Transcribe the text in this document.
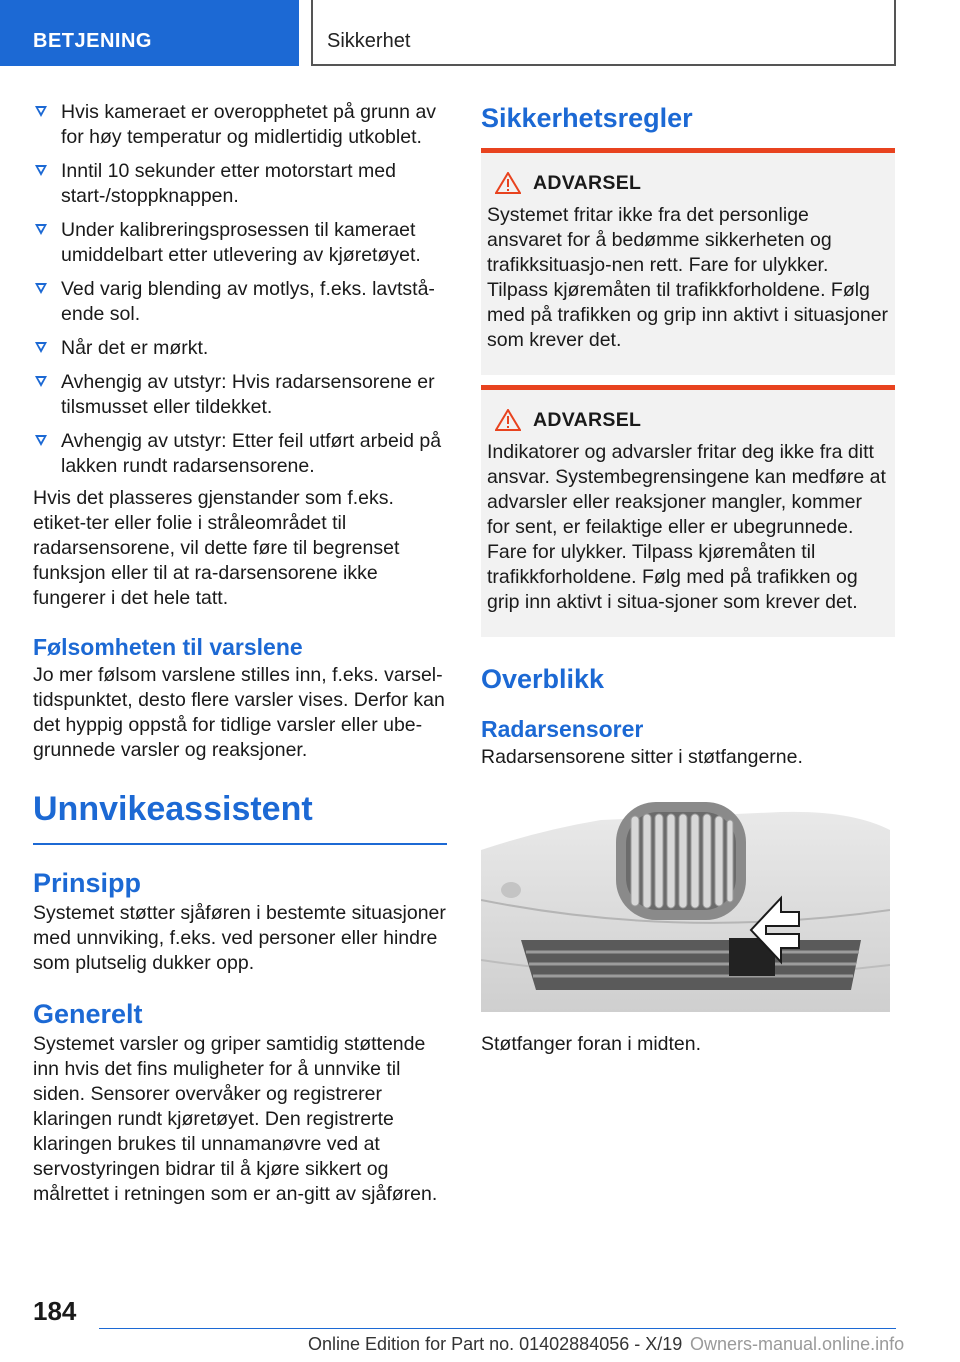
BETJENING	Sikkerhet
Hvis kameraet er overopphetet på grunn av for høy temperatur og midlertidig utkoblet.
Inntil 10 sekunder etter motorstart med start-/stoppknappen.
Under kalibreringsprosessen til kameraet umiddelbart etter utlevering av kjøretøyet.
Ved varig blending av motlys, f.eks. lavtstå-ende sol.
Når det er mørkt.
Avhengig av utstyr: Hvis radarsensorene er tilsmusset eller tildekket.
Avhengig av utstyr: Etter feil utført arbeid på lakken rundt radarsensorene.

Hvis det plasseres gjenstander som f.eks. etiket-ter eller folie i stråleområdet til radarsensorene, vil dette føre til begrenset funksjon eller til at ra-darsensorene ikke fungerer i det hele tatt.

Følsomheten til varslene

Jo mer følsom varslene stilles inn, f.eks. varsel-tidspunktet, desto flere varsler vises. Derfor kan det hyppig oppstå for tidlige varsler eller ube-grunnede varsler og reaksjoner.

Unnvikeassistent
Prinsipp

Systemet støtter sjåføren i bestemte situasjoner med unnviking, f.eks. ved personer eller hindre som plutselig dukker opp.

Generelt

Systemet varsler og griper samtidig støttende inn hvis det fins muligheter for å unnvike til siden. Sensorer overvåker og registrerer klaringen rundt kjøretøyet. Den registrerte klaringen brukes til unnamanøvre ved at servostyringen bidrar til å kjøre sikkert og målrettet i retningen som er an-gitt av sjåføren.

Sikkerhetsregler
ADVARSEL

Systemet fritar ikke fra det personlige ansvaret for å bedømme sikkerheten og trafikksituasjo-nen rett. Fare for ulykker. Tilpass kjøremåten til trafikkforholdene. Følg med på trafikken og grip inn aktivt i situasjoner som krever det.

ADVARSEL

Indikatorer og advarsler fritar deg ikke fra ditt ansvar. Systembegrensingene kan medføre at advarsler eller reaksjoner mangler, kommer for sent, er feilaktige eller er ubegrunnede. Fare for ulykker. Tilpass kjøremåten til trafikkforholdene. Følg med på trafikken og grip inn aktivt i situa-sjoner som krever det.

Overblikk
Radarsensorer

Radarsensorene sitter i støtfangerne.

Støtfanger foran i midten.

184
Online Edition for Part no. 01402884056 - X/19 Owners-manual.online.info
